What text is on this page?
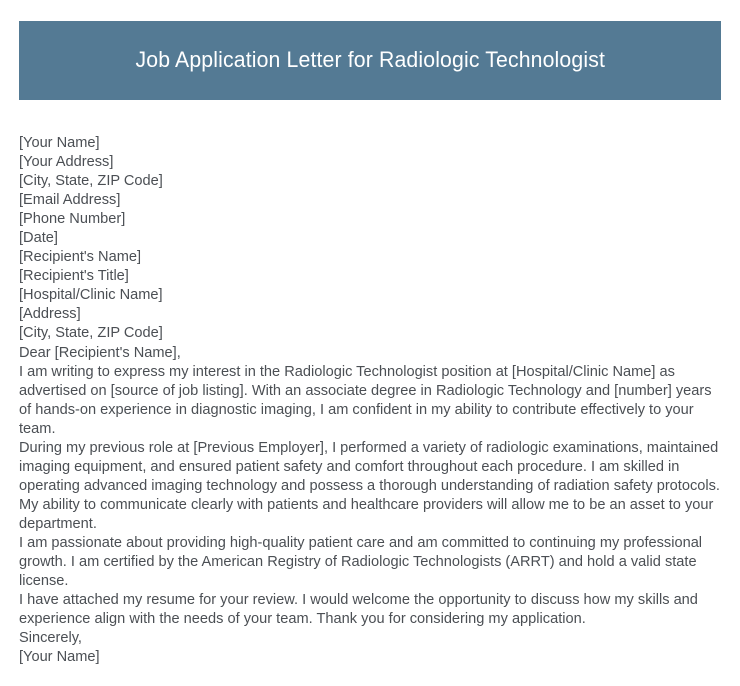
Job Application Letter for Radiologic Technologist
[Your Name]
[Your Address]
[City, State, ZIP Code]
[Email Address]
[Phone Number]
[Date]
[Recipient's Name]
[Recipient's Title]
[Hospital/Clinic Name]
[Address]
[City, State, ZIP Code]
Dear [Recipient's Name],

I am writing to express my interest in the Radiologic Technologist position at [Hospital/Clinic Name] as advertised on [source of job listing]. With an associate degree in Radiologic Technology and [number] years of hands-on experience in diagnostic imaging, I am confident in my ability to contribute effectively to your team.

During my previous role at [Previous Employer], I performed a variety of radiologic examinations, maintained imaging equipment, and ensured patient safety and comfort throughout each procedure. I am skilled in operating advanced imaging technology and possess a thorough understanding of radiation safety protocols. My ability to communicate clearly with patients and healthcare providers will allow me to be an asset to your department.

I am passionate about providing high-quality patient care and am committed to continuing my professional growth. I am certified by the American Registry of Radiologic Technologists (ARRT) and hold a valid state license.

I have attached my resume for your review. I would welcome the opportunity to discuss how my skills and experience align with the needs of your team. Thank you for considering my application.

Sincerely,
[Your Name]
